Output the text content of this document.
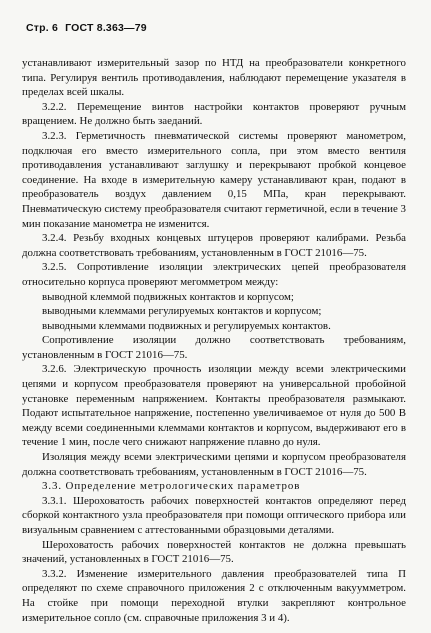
Стр. 6 ГОСТ 8.363—79

устанавливают измерительный зазор по НТД на преобразователи конкретного типа. Регулируя вентиль противодавления, наблюдают перемещение указателя в пределах всей шкалы.

3.2.2. Перемещение винтов настройки контактов проверяют ручным вращением. Не должно быть заеданий.

3.2.3. Герметичность пневматической системы проверяют манометром, подключая его вместо измерительного сопла, при этом вместо вентиля противодавления устанавливают заглушку и перекрывают пробкой концевое соединение. На входе в измерительную камеру устанавливают кран, подают в преобразователь воздух давлением 0,15 МПа, кран перекрывают. Пневматическую систему преобразователя считают герметичной, если в течение 3 мин показание манометра не изменится.

3.2.4. Резьбу входных концевых штуцеров проверяют калибрами. Резьба должна соответствовать требованиям, установленным в ГОСТ 21016—75.

3.2.5. Сопротивление изоляции электрических цепей преобразователя относительно корпуса проверяют мегомметром между:

выводной клеммой подвижных контактов и корпусом;

выводными клеммами регулируемых контактов и корпусом;

выводными клеммами подвижных и регулируемых контактов.

Сопротивление изоляции должно соответствовать требованиям, установленным в ГОСТ 21016—75.

3.2.6. Электрическую прочность изоляции между всеми электрическими цепями и корпусом преобразователя проверяют на универсальной пробойной установке переменным напряжением. Контакты преобразователя размыкают. Подают испытательное напряжение, постепенно увеличиваемое от нуля до 500 В между всеми соединенными клеммами контактов и корпусом, выдерживают его в течение 1 мин, после чего снижают напряжение плавно до нуля.

Изоляция между всеми электрическими цепями и корпусом преобразователя должна соответствовать требованиям, установленным в ГОСТ 21016—75.

3.3. Определение метрологических параметров

3.3.1. Шероховатость рабочих поверхностей контактов определяют перед сборкой контактного узла преобразователя при помощи оптического прибора или визуальным сравнением с аттестованными образцовыми деталями.

Шероховатость рабочих поверхностей контактов не должна превышать значений, установленных в ГОСТ 21016—75.

3.3.2. Изменение измерительного давления преобразователей типа П определяют по схеме справочного приложения 2 с отключенным вакуумметром. На стойке при помощи переходной втулки закрепляют контрольное измерительное сопло (см. справочные приложения 3 и 4).
